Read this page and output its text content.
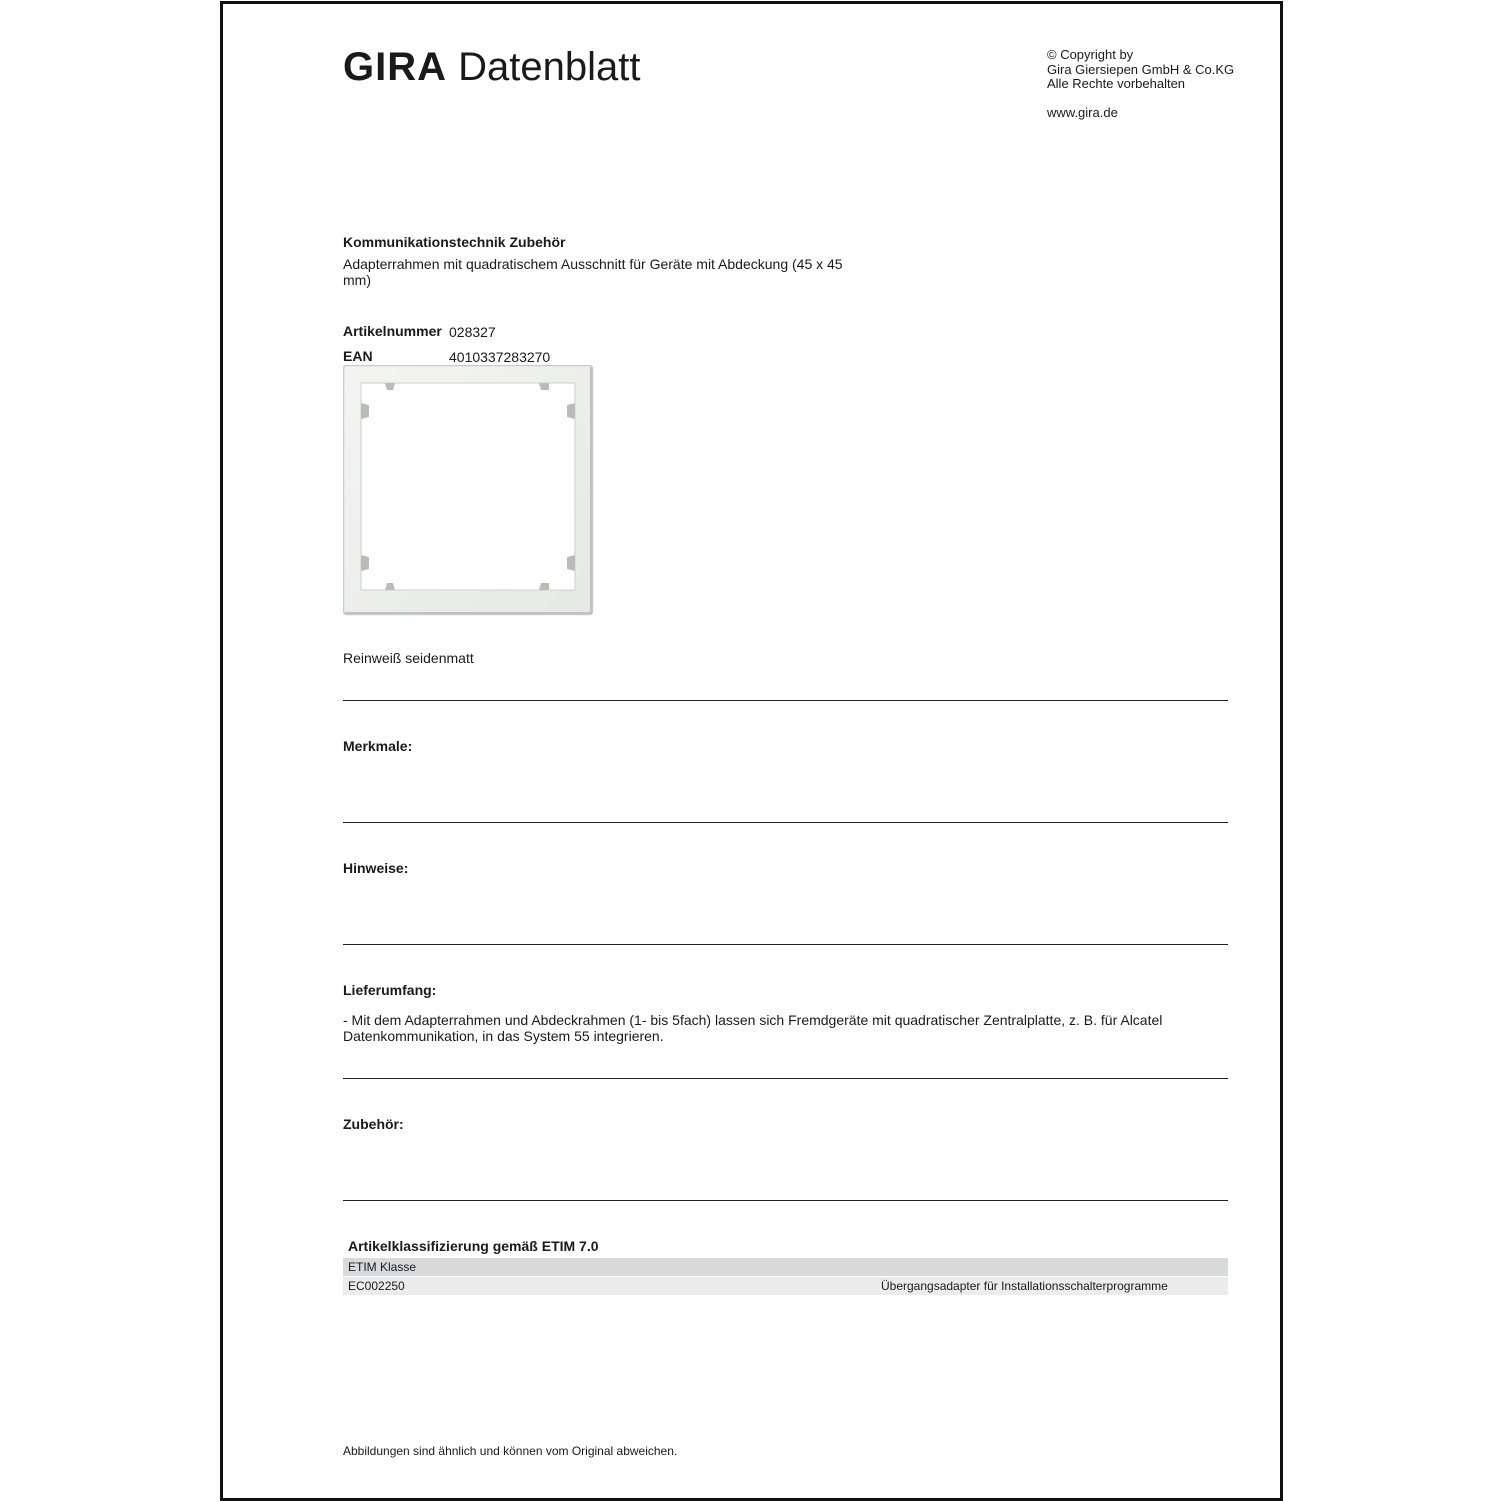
GIRA Datenblatt	© Copyright by
Gira Giersiepen GmbH & Co.KG
Alle Rechte vorbehalten
www.gira.de
Kommunikationstechnik Zubehör
Adapterrahmen mit quadratischem Ausschnitt für Geräte mit Abdeckung (45 x 45 mm)
Artikelnummer 028327
EAN	4010337283270
Reinweiß seidenmatt
Merkmale:
Hinweise:
Lieferumfang:
- Mit dem Adapterrahmen und Abdeckrahmen (1- bis 5fach) lassen sich Fremdgeräte mit quadratischer Zentralplatte, z. B. für Alcatel Datenkommunikation, in das System 55 integrieren.
Zubehör:
Artikelklassifizierung gemäß ETIM 7.0
ETIM Klasse
EC002250	Übergangsadapter für Installationsschalterprogramme
Abbildungen sind ähnlich und können vom Original abweichen.
